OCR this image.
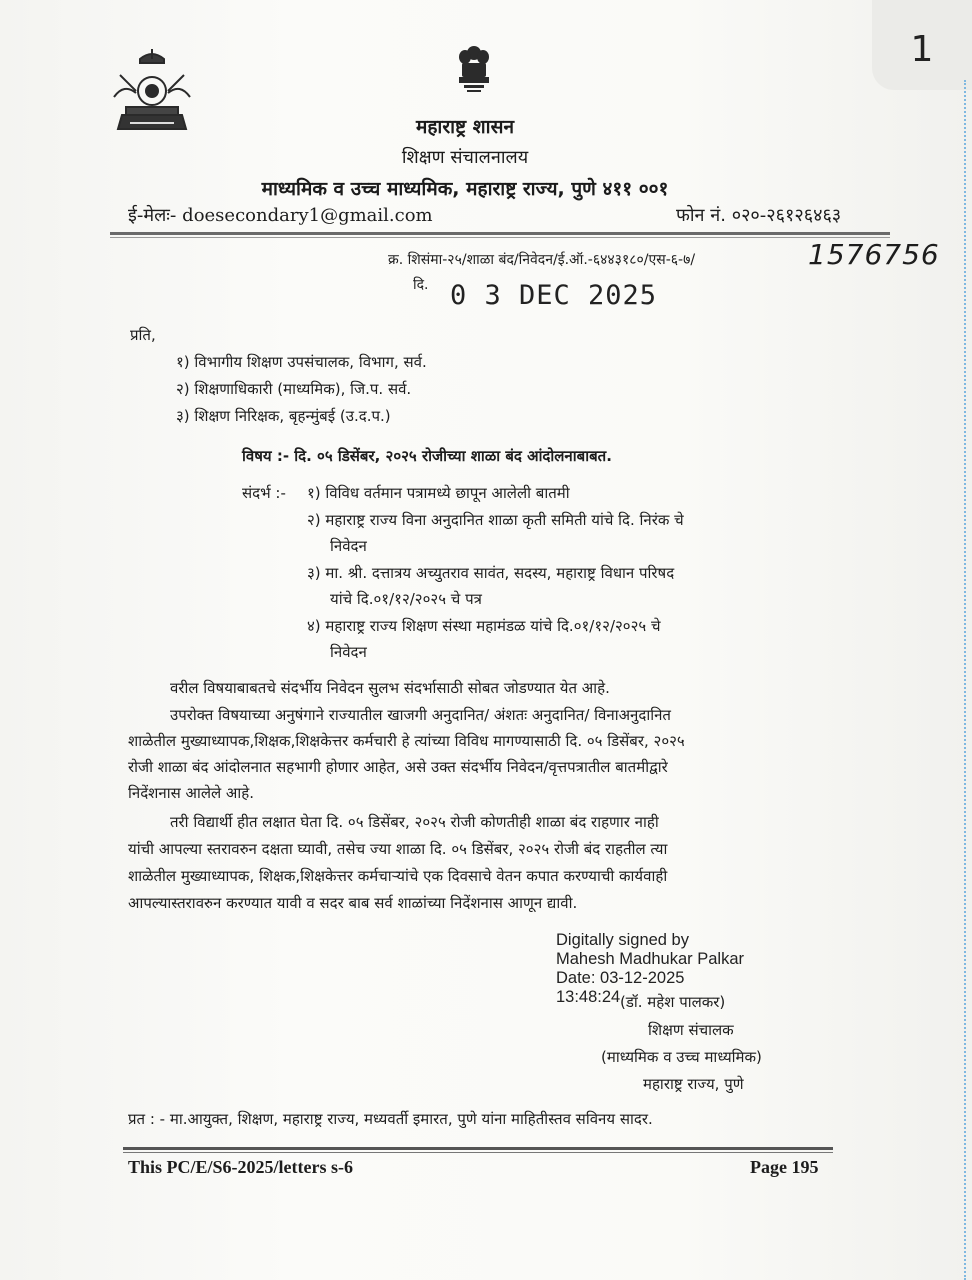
1
महाराष्ट्र शासन
शिक्षण संचालनालय
माध्यमिक व उच्च माध्यमिक, महाराष्ट्र राज्य, पुणे ४११ ००१
ई-मेलः- doesecondary1@gmail.com	फोन नं. ०२०-२६१२६४६३
क्र. शिसंमा-२५/शाळा बंद/निवेदन/ई.ऑ.-६४४३१८०/एस-६-७/	1576756
दि. 0 3 DEC 2025
प्रति,
१) विभागीय शिक्षण उपसंचालक, विभाग, सर्व.
२) शिक्षणाधिकारी (माध्यमिक), जि.प. सर्व.
३) शिक्षण निरिक्षक, बृहन्मुंबई (उ.द.प.)
विषय :- दि. ०५ डिसेंबर, २०२५ रोजीच्या शाळा बंद आंदोलनाबाबत.
संदर्भ :- १) विविध वर्तमान पत्रामध्ये छापून आलेली बातमी
२) महाराष्ट्र राज्य विना अनुदानित शाळा कृती समिती यांचे दि. निरंक चे
निवेदन
३) मा. श्री. दत्तात्रय अच्युतराव सावंत, सदस्य, महाराष्ट्र विधान परिषद
यांचे दि.०१/१२/२०२५ चे पत्र
४) महाराष्ट्र राज्य शिक्षण संस्था महामंडळ यांचे दि.०१/१२/२०२५ चे
निवेदन
वरील विषयाबाबतचे संदर्भीय निवेदन सुलभ संदर्भासाठी सोबत जोडण्यात येत आहे.
उपरोक्त विषयाच्या अनुषंगाने राज्यातील खाजगी अनुदानित/ अंशतः अनुदानित/ विनाअनुदानित
शाळेतील मुख्याध्यापक,शिक्षक,शिक्षकेत्तर कर्मचारी हे त्यांच्या विविध मागण्यासाठी दि. ०५ डिसेंबर, २०२५
रोजी शाळा बंद आंदोलनात सहभागी होणार आहेत, असे उक्त संदर्भीय निवेदन/वृत्तपत्रातील बातमीद्वारे
निदेंशनास आलेले आहे.
तरी विद्यार्थी हीत लक्षात घेता दि. ०५ डिसेंबर, २०२५ रोजी कोणतीही शाळा बंद राहणार नाही
यांची आपल्या स्तरावरुन दक्षता घ्यावी, तसेच ज्या शाळा दि. ०५ डिसेंबर, २०२५ रोजी बंद राहतील त्या
शाळेतील मुख्याध्यापक, शिक्षक,शिक्षकेत्तर कर्मचाऱ्यांचे एक दिवसाचे वेतन कपात करण्याची कार्यवाही
आपल्यास्तरावरुन करण्यात यावी व सदर बाब सर्व शाळांच्या निदेंशनास आणून द्यावी.
Digitally signed by
Mahesh Madhukar Palkar
Date: 03-12-2025
13:48:24 (डॉ. महेश पालकर)
शिक्षण संचालक
(माध्यमिक व उच्च माध्यमिक)
महाराष्ट्र राज्य, पुणे
प्रत : - मा.आयुक्त, शिक्षण, महाराष्ट्र राज्य, मध्यवर्ती इमारत, पुणे यांना माहितीस्तव सविनय सादर.
This PC/E/S6-2025/letters s-6	Page 195
